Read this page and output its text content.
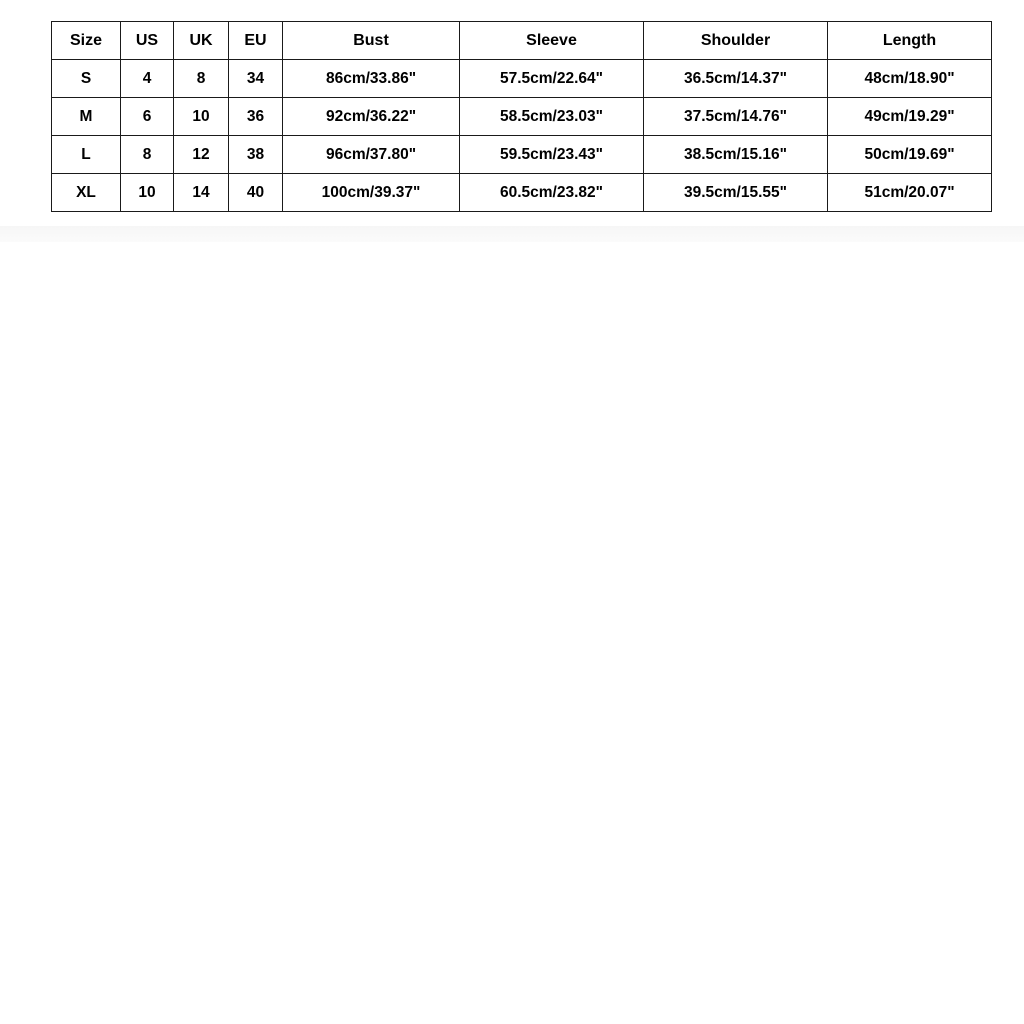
Size	US	UK	EU	Bust	Sleeve	Shoulder	Length
S	4	8	34	86cm/33.86"	57.5cm/22.64"	36.5cm/14.37"	48cm/18.90"
M	6	10	36	92cm/36.22"	58.5cm/23.03"	37.5cm/14.76"	49cm/19.29"
L	8	12	38	96cm/37.80"	59.5cm/23.43"	38.5cm/15.16"	50cm/19.69"
XL	10	14	40	100cm/39.37"	60.5cm/23.82"	39.5cm/15.55"	51cm/20.07"
